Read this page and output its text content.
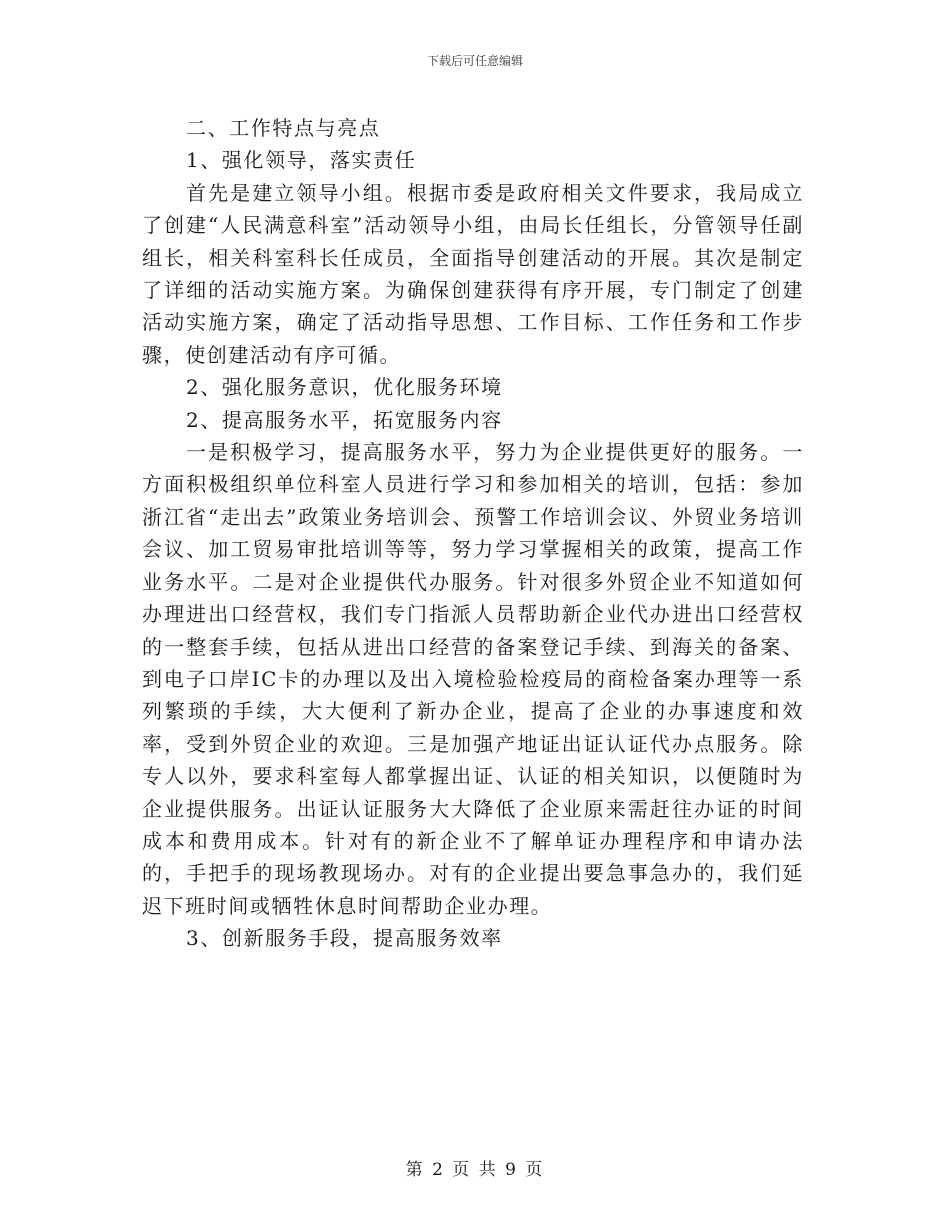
下载后可任意编辑

二、工作特点与亮点

1、强化领导，落实责任

首先是建立领导小组。根据市委是政府相关文件要求，我局成立了创建“人民满意科室”活动领导小组，由局长任组长，分管领导任副组长，相关科室科长任成员，全面指导创建活动的开展。其次是制定了详细的活动实施方案。为确保创建获得有序开展，专门制定了创建活动实施方案，确定了活动指导思想、工作目标、工作任务和工作步骤，使创建活动有序可循。

2、强化服务意识，优化服务环境

2、提高服务水平，拓宽服务内容

一是积极学习，提高服务水平，努力为企业提供更好的服务。一方面积极组织单位科室人员进行学习和参加相关的培训，包括：参加浙江省“走出去”政策业务培训会、预警工作培训会议、外贸业务培训会议、加工贸易审批培训等等，努力学习掌握相关的政策，提高工作业务水平。二是对企业提供代办服务。针对很多外贸企业不知道如何办理进出口经营权，我们专门指派人员帮助新企业代办进出口经营权的一整套手续，包括从进出口经营的备案登记手续、到海关的备案、到电子口岸IC卡的办理以及出入境检验检疫局的商检备案办理等一系列繁琐的手续，大大便利了新办企业，提高了企业的办事速度和效率，受到外贸企业的欢迎。三是加强产地证出证认证代办点服务。除专人以外，要求科室每人都掌握出证、认证的相关知识，以便随时为企业提供服务。出证认证服务大大降低了企业原来需赶往办证的时间成本和费用成本。针对有的新企业不了解单证办理程序和申请办法的，手把手的现场教现场办。对有的企业提出要急事急办的，我们延迟下班时间或牺牲休息时间帮助企业办理。

3、创新服务手段，提高服务效率

第 2 页 共 9 页
